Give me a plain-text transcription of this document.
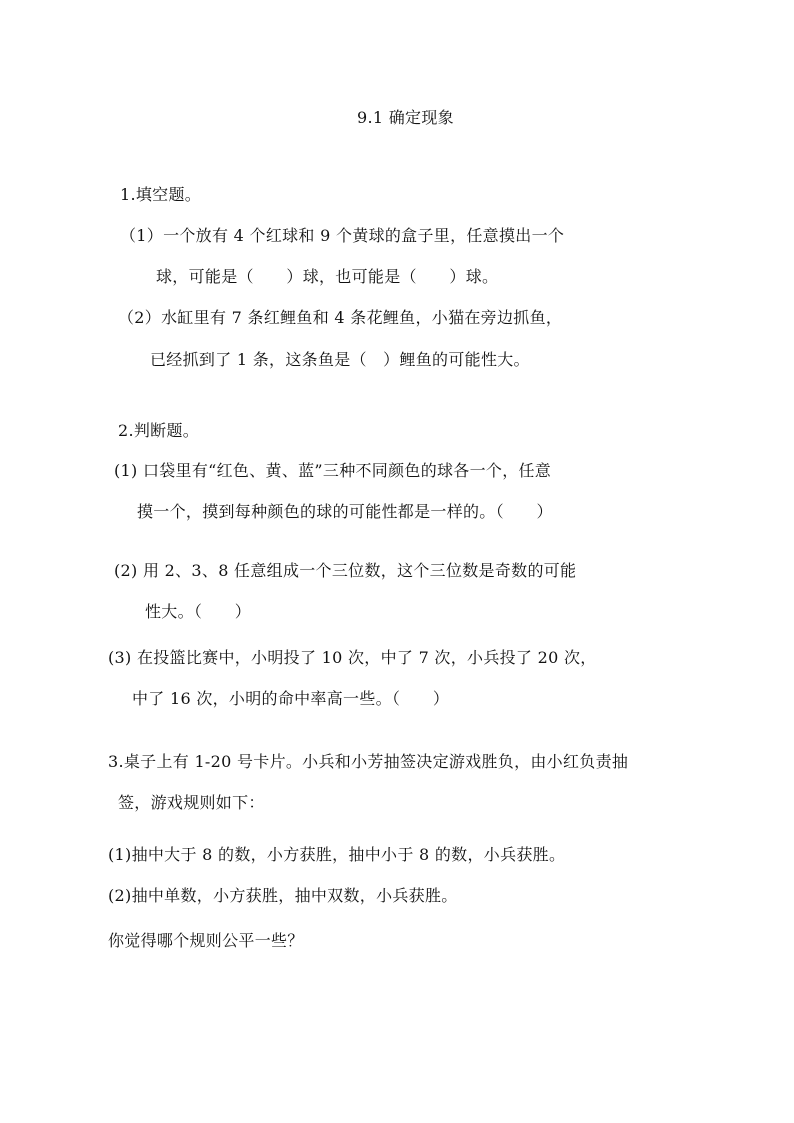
9.1 确定现象
1.填空题。
（1）一个放有 4 个红球和 9 个黄球的盒子里，任意摸出一个
球，可能是（　　）球，也可能是（　　）球。
（2）水缸里有 7 条红鲤鱼和 4 条花鲤鱼，小猫在旁边抓鱼，
已经抓到了 1 条，这条鱼是（　）鲤鱼的可能性大。
2.判断题。
(1) 口袋里有“红色、黄、蓝”三种不同颜色的球各一个，任意
摸一个，摸到每种颜色的球的可能性都是一样的。（　　）
(2) 用 2、3、8 任意组成一个三位数，这个三位数是奇数的可能
性大。（　　）
(3) 在投篮比赛中，小明投了 10 次，中了 7 次，小兵投了 20 次，
中了 16 次，小明的命中率高一些。（　　）
3.桌子上有 1-20 号卡片。小兵和小芳抽签决定游戏胜负，由小红负责抽
签，游戏规则如下：
(1)抽中大于 8 的数，小方获胜，抽中小于 8 的数，小兵获胜。
(2)抽中单数，小方获胜，抽中双数，小兵获胜。
你觉得哪个规则公平一些？
